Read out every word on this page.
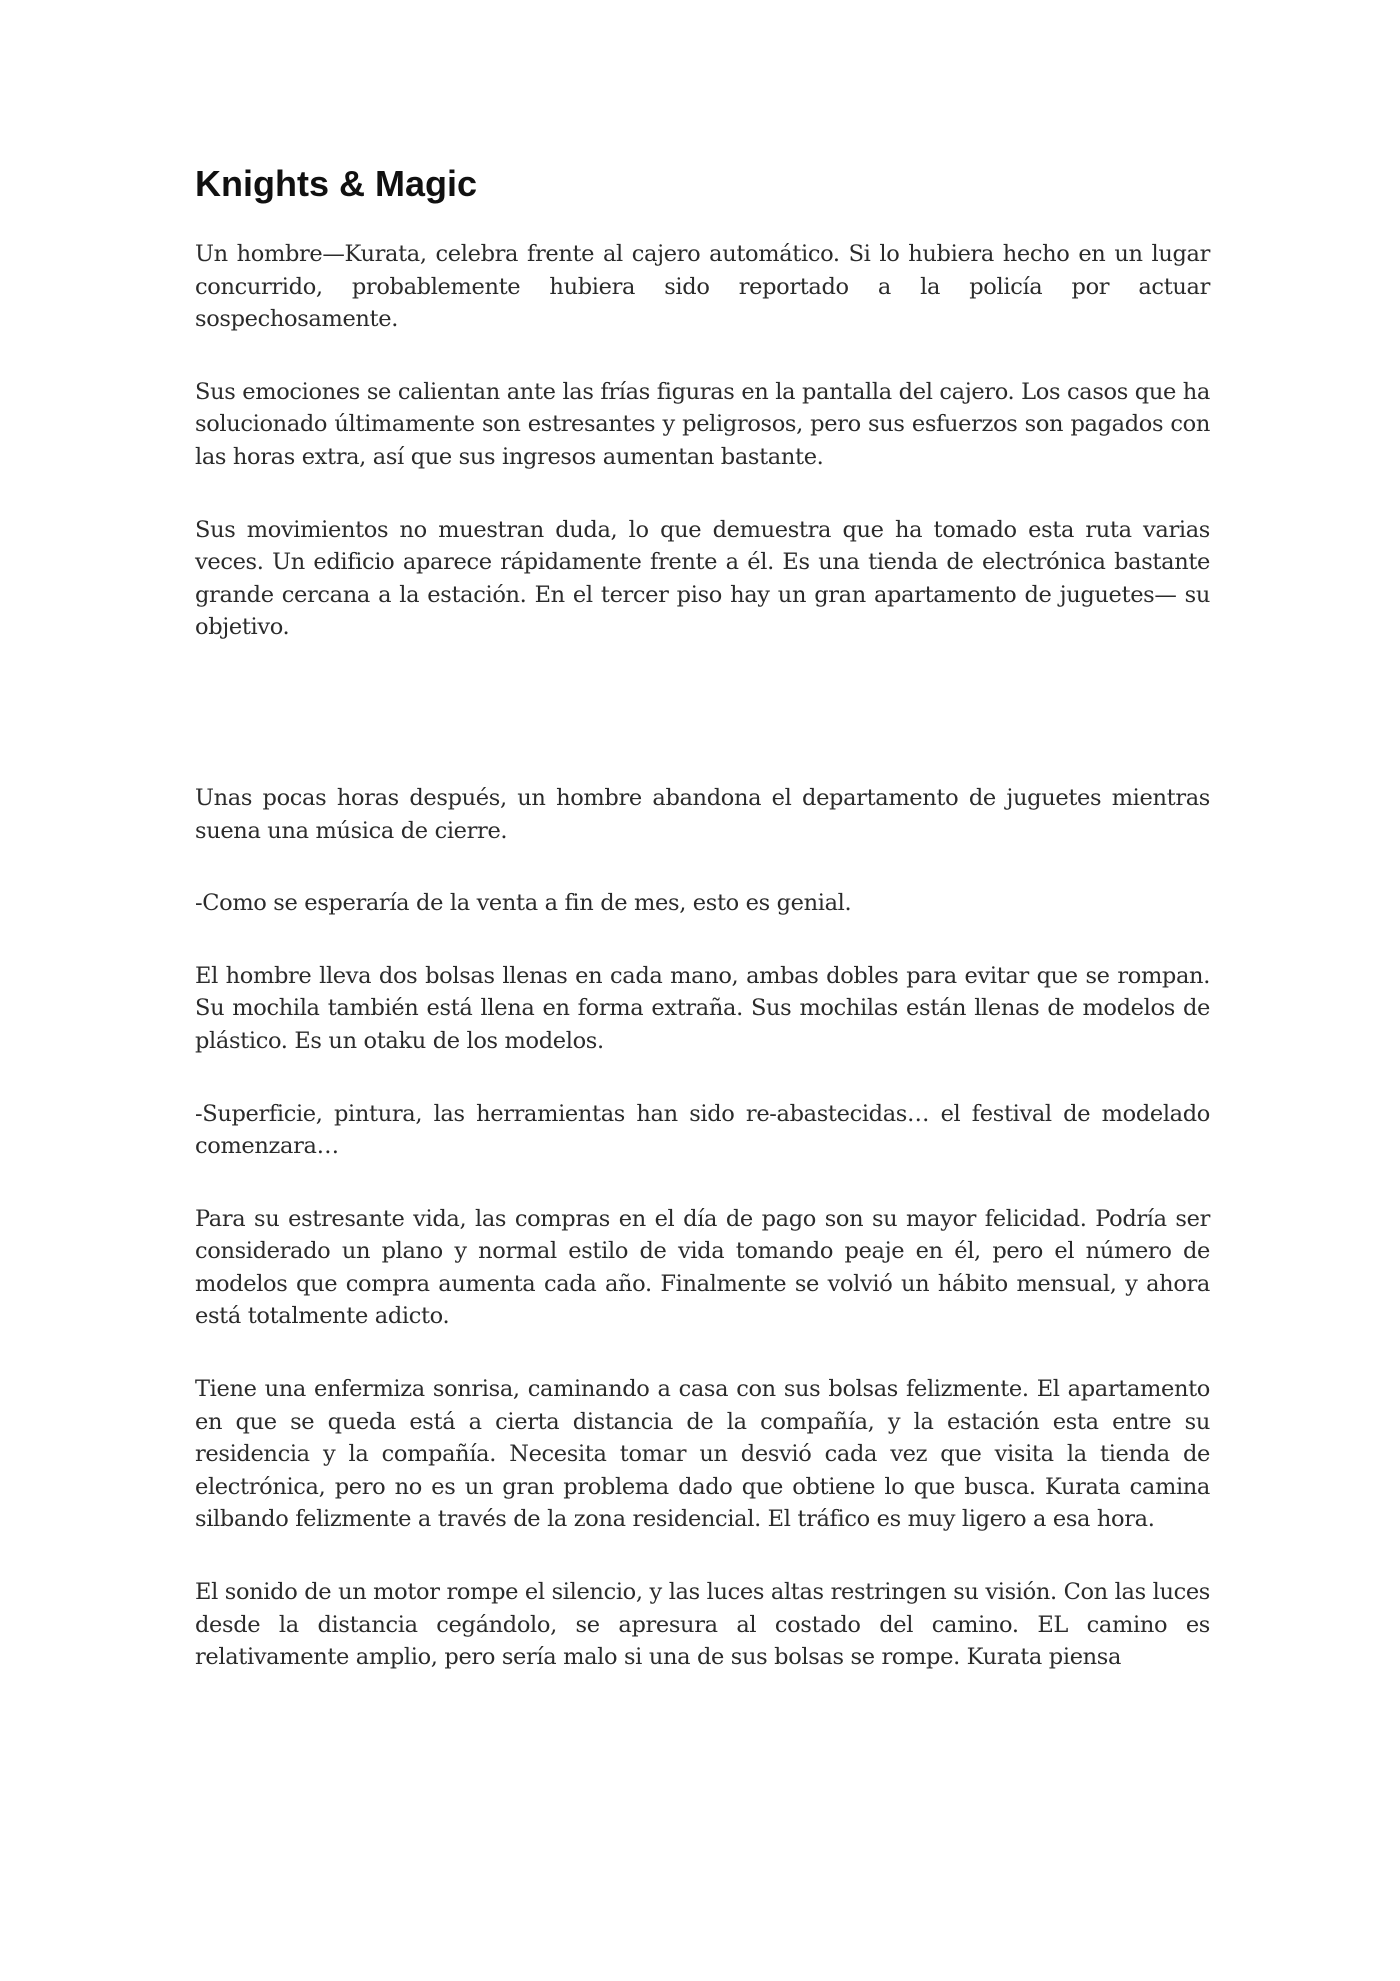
Knights & Magic

Un hombre—Kurata, celebra frente al cajero automático. Si lo hubiera hecho en un lugar concurrido, probablemente hubiera sido reportado a la policía por actuar sospechosamente.

Sus emociones se calientan ante las frías figuras en la pantalla del cajero. Los casos que ha solucionado últimamente son estresantes y peligrosos, pero sus esfuerzos son pagados con las horas extra, así que sus ingresos aumentan bastante.

Sus movimientos no muestran duda, lo que demuestra que ha tomado esta ruta varias veces. Un edificio aparece rápidamente frente a él. Es una tienda de electrónica bastante grande cercana a la estación. En el tercer piso hay un gran apartamento de juguetes— su objetivo.

Unas pocas horas después, un hombre abandona el departamento de juguetes mientras suena una música de cierre.

-Como se esperaría de la venta a fin de mes, esto es genial.

El hombre lleva dos bolsas llenas en cada mano, ambas dobles para evitar que se rompan. Su mochila también está llena en forma extraña. Sus mochilas están llenas de modelos de plástico. Es un otaku de los modelos.

-Superficie, pintura, las herramientas han sido re-abastecidas… el festival de modelado comenzara…

Para su estresante vida, las compras en el día de pago son su mayor felicidad. Podría ser considerado un plano y normal estilo de vida tomando peaje en él, pero el número de modelos que compra aumenta cada año. Finalmente se volvió un hábito mensual, y ahora está totalmente adicto.

Tiene una enfermiza sonrisa, caminando a casa con sus bolsas felizmente. El apartamento en que se queda está a cierta distancia de la compañía, y la estación esta entre su residencia y la compañía. Necesita tomar un desvió cada vez que visita la tienda de electrónica, pero no es un gran problema dado que obtiene lo que busca. Kurata camina silbando felizmente a través de la zona residencial. El tráfico es muy ligero a esa hora.

El sonido de un motor rompe el silencio, y las luces altas restringen su visión. Con las luces desde la distancia cegándolo, se apresura al costado del camino. EL camino es relativamente amplio, pero sería malo si una de sus bolsas se rompe. Kurata piensa
